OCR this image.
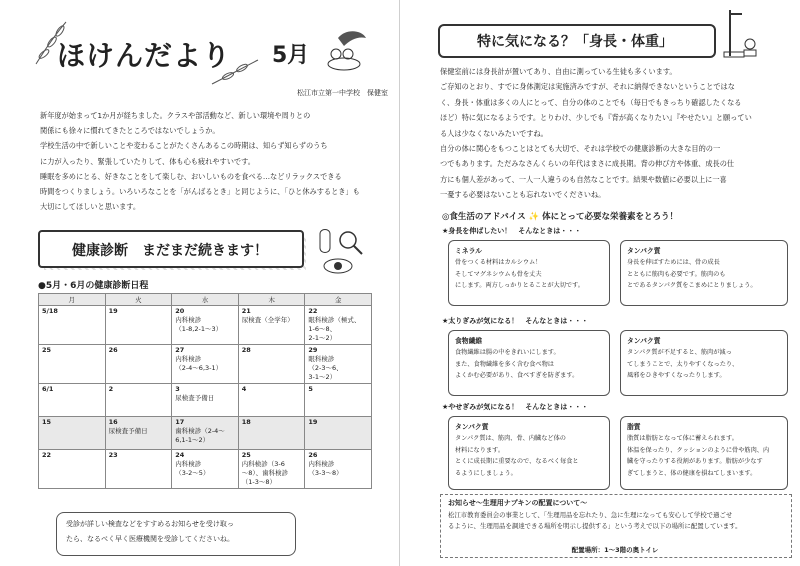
ほけんだより 5月
松江市立第一中学校　保健室

新年度が始まって1か月が経ちました。クラスや部活動など、新しい環境や周りとの

関係にも徐々に慣れてきたところではないでしょうか。

学校生活の中で新しいことや変わることがたくさんあるこの時期は、知らず知らずのうち

に力が入ったり、緊張していたりして、体も心も疲れやすいです。

睡眠を多めにとる、好きなことをして楽しむ、おいしいものを食べる…などリラックスできる

時間をつくりましょう。いろいろなことを「がんばるとき」と同じように、「ひと休みするとき」も

大切にしてほしいと思います。

健康診断　まだまだ続きます！
●5月・6月の健康診断日程
月	火	水	木	金

5/18	19	20
内科検診
（1-8,2-1～3）	21
尿検査（全学年）	22
眼科検診（極式、
1-6～8、
2-1～2）

25	26	27
内科検診
（2-4～6,3-1）	28	29
眼科検診
（2-3～6、
3-1～2）

6/1	2	3
尿検査予備日	4	5

15	16
尿検査予備日	17
歯科検診（2-4～
6,1-1～2）	18	19

22	23	24
内科検診
（3-2～5）	25
内科検診（3-6
～8）、歯科検診
（1-3～8）	26
内科検診
（3-3～8）
受診が詳しい検査などをすすめるお知らせを受け取っ
たら、なるべく早く医療機関を受診してくださいね。
特に気になる？「身長・体重」

保健室前には身長計が置いてあり、自由に測っている生徒も多くいます。

ご存知のとおり、すでに身体測定は実施済みですが、それに納得できないということではな

く、身長・体重は多くの人にとって、自分の体のことでも（毎日でもきっちり確認したくなる

ほど）特に気になるようです。とりわけ、少しでも『背が高くなりたい』『やせたい』と願ってい

る人は少なくないみたいですね。

自分の体に関心をもつことはとても大切で、それは学校での健康診断の大きな目的の一

つでもあります。ただみなさんくらいの年代はまさに成長期。背の伸び方や体重、成長の仕

方にも個人差があって、一人一人違うのも自然なことです。結果や数値に必要以上に一喜

一憂する必要はないことも忘れないでくださいね。

◎食生活のアドバイス ✨ 体にとって必要な栄養素をとろう！
★身長を伸ばしたい！　そんなときは・・・
ミネラル
骨をつくる材料はカルシウム！
そしてマグネシウムも骨を丈夫
にします。両方しっかりとることが大切です。
タンパク質
身長を伸ばすためには、骨の成長
とともに筋肉も必要です。筋肉のも
とであるタンパク質をこまめにとりましょう。
★太りぎみが気になる！　そんなときは・・・
食物繊維
食物繊維は腸の中をきれいにします。
また、食物繊維を多く含む食べ物は
よくかむ必要があり、食べすぎを防ぎます。
タンパク質
タンパク質が不足すると、筋肉が減っ
てしまうことで、太りやすくなったり、
風邪をひきやすくなったりします。
★やせぎみが気になる！　そんなときは・・・
タンパク質
タンパク質は、筋肉、骨、内臓など体の
材料になります。
とくに成長期に重要なので、なるべく毎食と
るようにしましょう。
脂質
脂質は脂肪となって体に蓄えられます。
体温を保ったり、クッションのように骨や筋肉、内
臓を守ったりする役割があります。脂肪が少なす
ぎてしまうと、体の健康を損ねてしまいます。
お知らせ～生理用ナプキンの配置について～
松江市教育委員会の事業として、「生理用品を忘れたり、急に生理になっても安心して学校で過ごせ
るように、生理用品を調達できる場所を明示し提供する」という考えで以下の場所に配置しています。
配置場所：1～3階の奥トイレ
